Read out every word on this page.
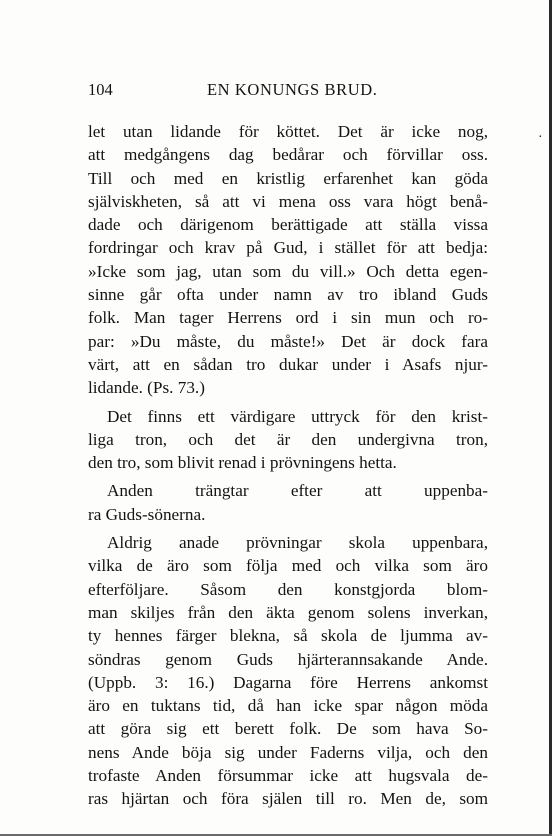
104	EN KONUNGS BRUD.
·
let utan lidande för köttet. Det är icke nog,
att medgångens dag bedårar och förvillar oss.
Till och med en kristlig erfarenhet kan göda
själviskheten, så att vi mena oss vara högt benå-
dade och därigenom berättigade att ställa vissa
fordringar och krav på Gud, i stället för att bedja:
»Icke som jag, utan som du vill.» Och detta egen-
sinne går ofta under namn av tro ibland Guds
folk. Man tager Herrens ord i sin mun och ro-
par: »Du måste, du måste!» Det är dock fara
värt, att en sådan tro dukar under i Asafs njur-
lidande. (Ps. 73.)
Det finns ett värdigare uttryck för den krist-
liga tron, och det är den undergivna tron,
den tro, som blivit renad i prövningens hetta.
Anden trängtar efter att uppenba-
ra Guds-sönerna.
Aldrig anade prövningar skola uppenbara,
vilka de äro som följa med och vilka som äro
efterföljare. Såsom den konstgjorda blom-
man skiljes från den äkta genom solens inverkan,
ty hennes färger blekna, så skola de ljumma av-
söndras genom Guds hjärterannsakande Ande.
(Uppb. 3: 16.) Dagarna före Herrens ankomst
äro en tuktans tid, då han icke spar någon möda
att göra sig ett berett folk. De som hava So-
nens Ande böja sig under Faderns vilja, och den
trofaste Anden försummar icke att hugsvala de-
ras hjärtan och föra själen till ro. Men de, som
